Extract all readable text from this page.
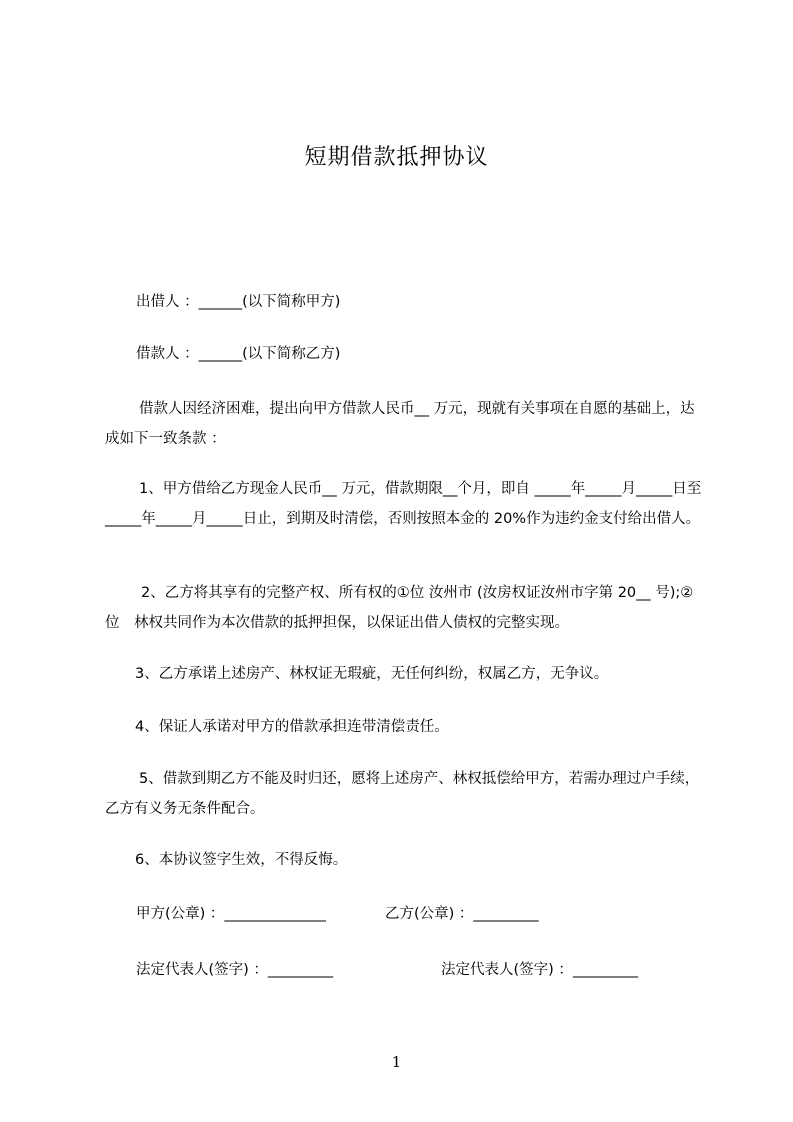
短期借款抵押协议
出借人 ：______(以下简称甲方)
借款人 ：______(以下简称乙方)
借款人因经济困难，提出向甲方借款人民币__ 万元，现就有关事项在自愿的基础上，达成如下一致条款 ：
1、甲方借给乙方现金人民币__ 万元，借款期限__个月，即自 _____年_____月_____日至　_____年_____月_____日止，到期及时清偿，否则按照本金的 20%作为违约金支付给出借人。
2、乙方将其享有的完整产权、所有权的①位 汝州市 (汝房权证汝州市字第 20__ 号);②位　林权共同作为本次借款的抵押担保，以保证出借人债权的完整实现。
3、乙方承诺上述房产、林权证无瑕疵，无任何纠纷，权属乙方，无争议。
4、保证人承诺对甲方的借款承担连带清偿责任。
5、借款到期乙方不能及时归还，愿将上述房产、林权抵偿给甲方，若需办理过户手续，乙方有义务无条件配合。
6、本协议签字生效，不得反悔。
甲方(公章) ：______________	乙方(公章) ：_________
法定代表人(签字) ：_________	法定代表人(签字) ：_________
1
